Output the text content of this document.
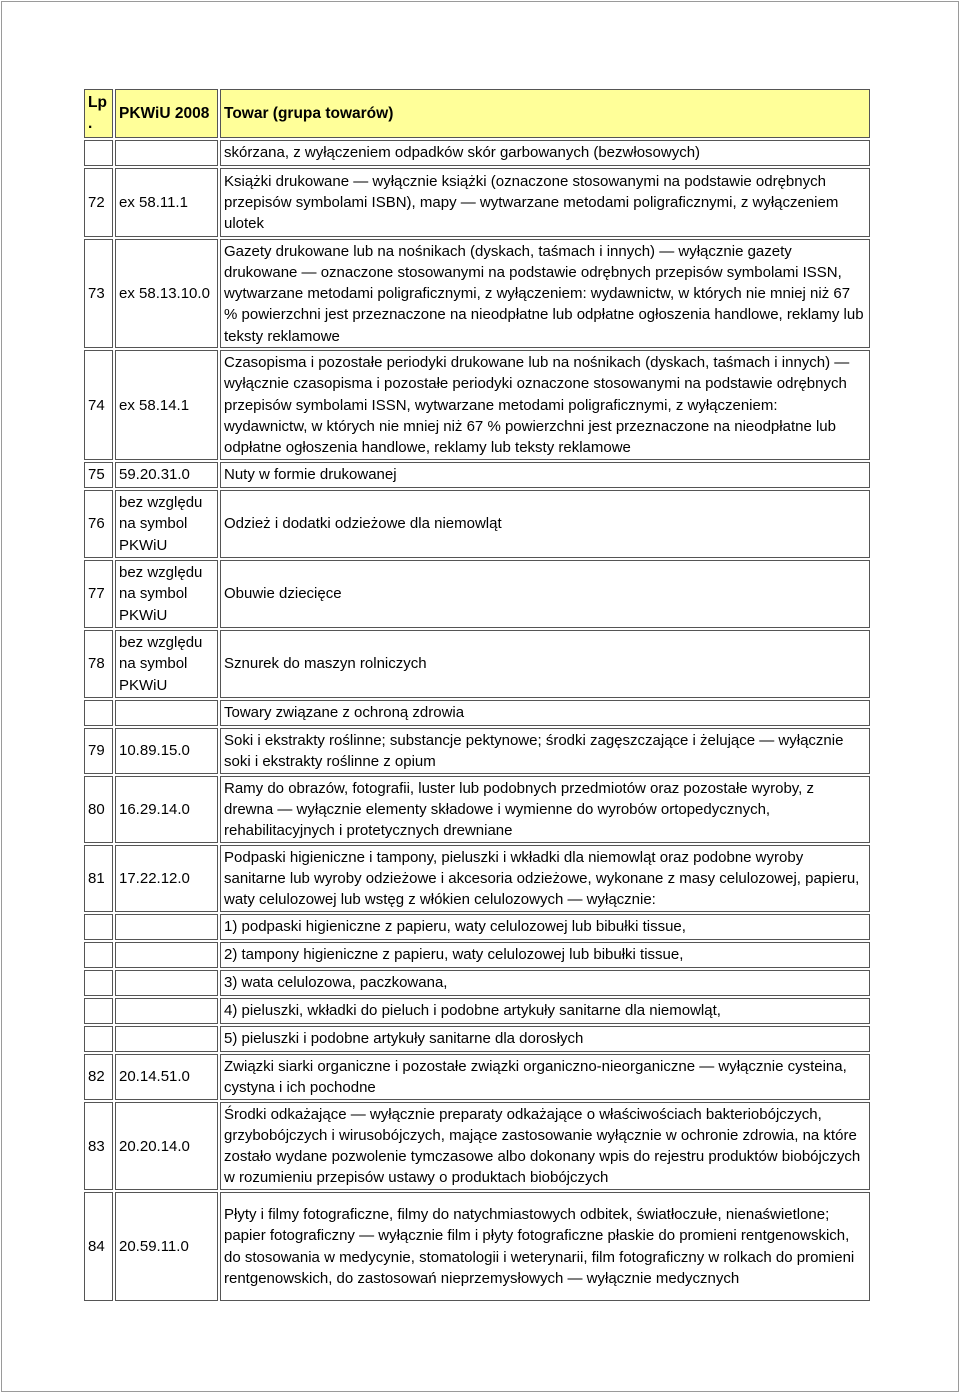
Lp.	PKWiU 2008	Towar (grupa towarów)
		skórzana, z wyłączeniem odpadków skór garbowanych (bezwłosowych)
72	ex 58.11.1	Książki drukowane — wyłącznie książki (oznaczone stosowanymi na podstawie odrębnych przepisów symbolami ISBN), mapy — wytwarzane metodami poligraficznymi, z wyłączeniem ulotek
73	ex 58.13.10.0	Gazety drukowane lub na nośnikach (dyskach, taśmach i innych) — wyłącznie gazety drukowane — oznaczone stosowanymi na podstawie odrębnych przepisów symbolami ISSN, wytwarzane metodami poligraficznymi, z wyłączeniem: wydawnictw, w których nie mniej niż 67 % powierzchni jest przeznaczone na nieodpłatne lub odpłatne ogłoszenia handlowe, reklamy lub teksty reklamowe
74	ex 58.14.1	Czasopisma i pozostałe periodyki drukowane lub na nośnikach (dyskach, taśmach i innych) — wyłącznie czasopisma i pozostałe periodyki oznaczone stosowanymi na podstawie odrębnych przepisów symbolami ISSN, wytwarzane metodami poligraficznymi, z wyłączeniem: wydawnictw, w których nie mniej niż 67 % powierzchni jest przeznaczone na nieodpłatne lub odpłatne ogłoszenia handlowe, reklamy lub teksty reklamowe
75	59.20.31.0	Nuty w formie drukowanej
76	bez względu na symbol PKWiU	Odzież i dodatki odzieżowe dla niemowląt
77	bez względu na symbol PKWiU	Obuwie dziecięce
78	bez względu na symbol PKWiU	Sznurek do maszyn rolniczych
		Towary związane z ochroną zdrowia
79	10.89.15.0	Soki i ekstrakty roślinne; substancje pektynowe; środki zagęszczające i żelujące — wyłącznie soki i ekstrakty roślinne z opium
80	16.29.14.0	Ramy do obrazów, fotografii, luster lub podobnych przedmiotów oraz pozostałe wyroby, z drewna — wyłącznie elementy składowe i wymienne do wyrobów ortopedycznych, rehabilitacyjnych i protetycznych drewniane
81	17.22.12.0	Podpaski higieniczne i tampony, pieluszki i wkładki dla niemowląt oraz podobne wyroby sanitarne lub wyroby odzieżowe i akcesoria odzieżowe, wykonane z masy celulozowej, papieru, waty celulozowej lub wstęg z włókien celulozowych — wyłącznie:
		1) podpaski higieniczne z papieru, waty celulozowej lub bibułki tissue,
		2) tampony higieniczne z papieru, waty celulozowej lub bibułki tissue,
		3) wata celulozowa, paczkowana,
		4) pieluszki, wkładki do pieluch i podobne artykuły sanitarne dla niemowląt,
		5) pieluszki i podobne artykuły sanitarne dla dorosłych
82	20.14.51.0	Związki siarki organiczne i pozostałe związki organiczno-nieorganiczne — wyłącznie cysteina, cystyna i ich pochodne
83	20.20.14.0	Środki odkażające — wyłącznie preparaty odkażające o właściwościach bakteriobójczych, grzybobójczych i wirusobójczych, mające zastosowanie wyłącznie w ochronie zdrowia, na które zostało wydane pozwolenie tymczasowe albo dokonany wpis do rejestru produktów biobójczych w rozumieniu przepisów ustawy o produktach biobójczych
84	20.59.11.0	Płyty i filmy fotograficzne, filmy do natychmiastowych odbitek, światłoczułe, nienaświetlone; papier fotograficzny — wyłącznie film i płyty fotograficzne płaskie do promieni rentgenowskich, do stosowania w medycynie, stomatologii i weterynarii, film fotograficzny w rolkach do promieni rentgenowskich, do zastosowań nieprzemysłowych — wyłącznie medycznych
